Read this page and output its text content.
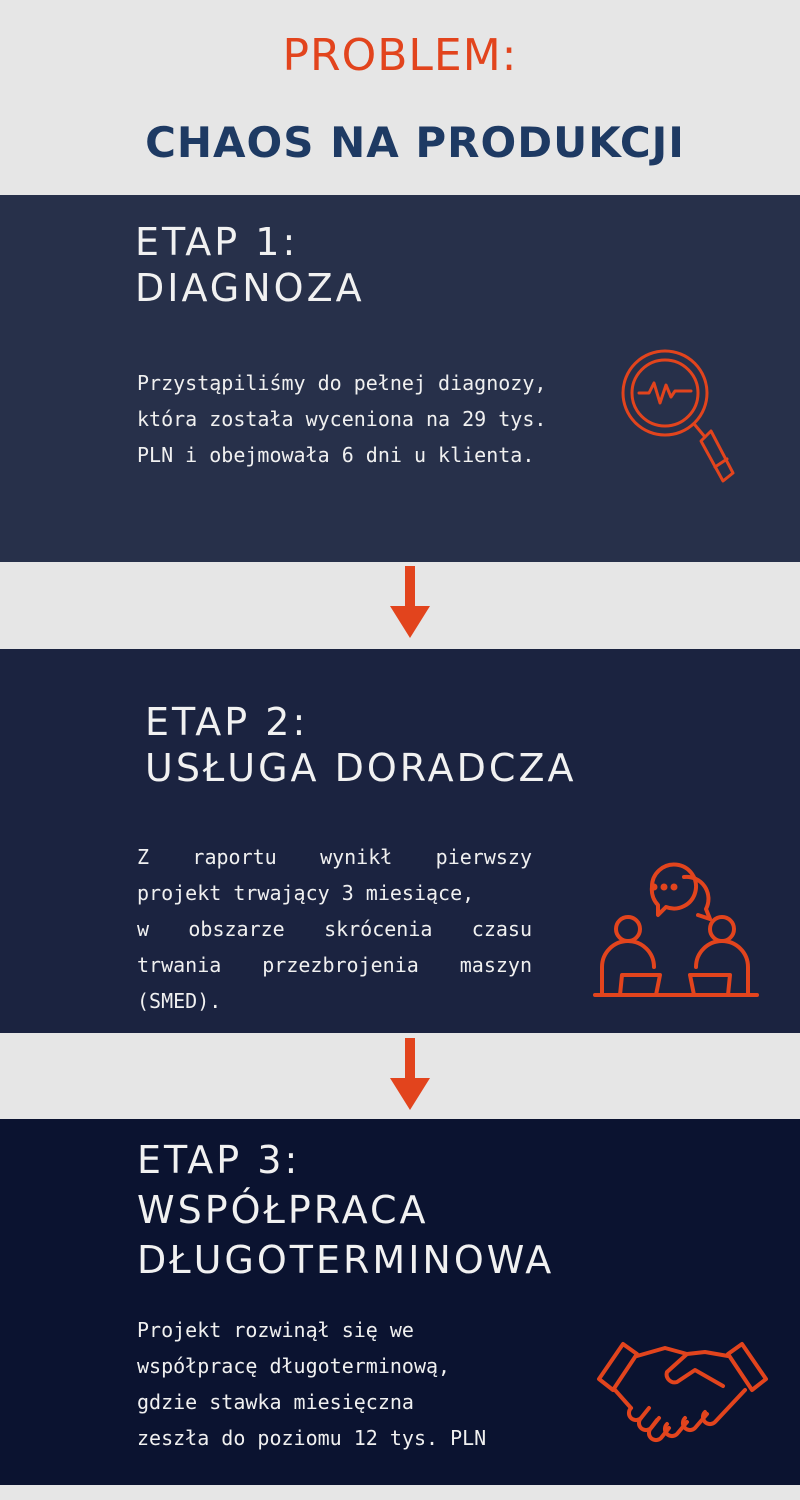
PROBLEM:
CHAOS NA PRODUKCJI
ETAP 1:
DIAGNOZA
Przystąpiliśmy do pełnej diagnozy,
która została wyceniona na 29 tys.
PLN i obejmowała 6 dni u klienta.
ETAP 2:
USŁUGA DORADCZA
Z raportu wynikł pierwszy
projekt trwający 3 miesiące,
w obszarze skrócenia czasu
trwania przezbrojenia maszyn
(SMED).
ETAP 3:
WSPÓŁPRACA
DŁUGOTERMINOWA
Projekt rozwinął się we
współpracę długoterminową,
gdzie stawka miesięczna
zeszła do poziomu 12 tys. PLN
